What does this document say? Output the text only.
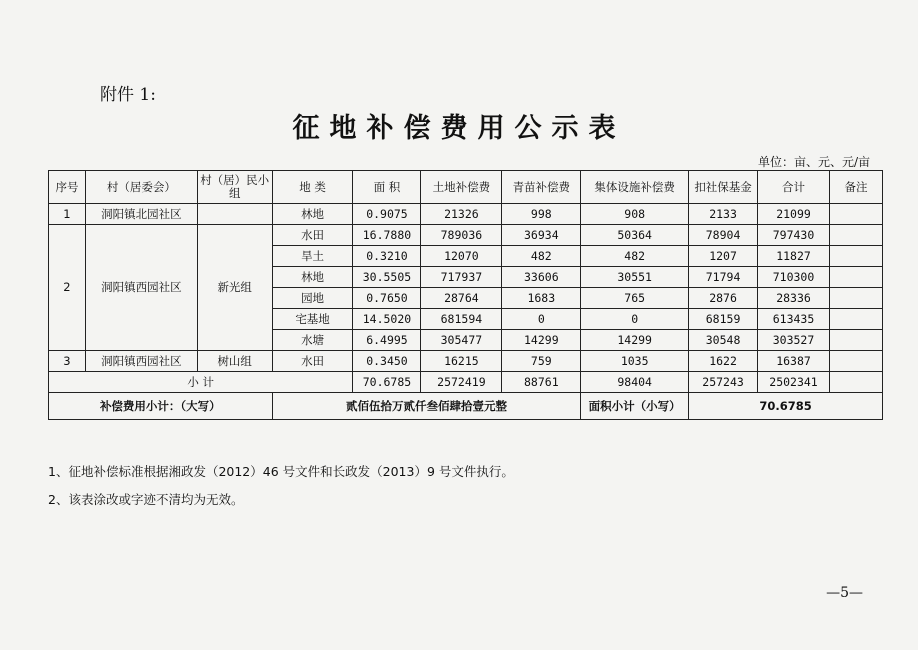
附件 1:
征地补偿费用公示表
单位：亩、元、元/亩
序号	村（居委会）	村（居）民小组	地 类	面 积	土地补偿费	青苗补偿费	集体设施补偿费	扣社保基金	合计	备注
1	洞阳镇北园社区		林地	0.9075	21326	998	908	2133	21099	
2	洞阳镇西园社区	新光组	水田	16.7880	789036	36934	50364	78904	797430	
			旱土	0.3210	12070	482	482	1207	11827	
			林地	30.5505	717937	33606	30551	71794	710300	
			园地	0.7650	28764	1683	765	2876	28336	
			宅基地	14.5020	681594	0	0	68159	613435	
			水塘	6.4995	305477	14299	14299	30548	303527	
3	洞阳镇西园社区	树山组	水田	0.3450	16215	759	1035	1622	16387	
小 计				70.6785	2572419	88761	98404	257243	2502341	
补偿费用小计：（大写）			贰佰伍拾万贰仟叁佰肆拾壹元整				面积小计（小写）	70.6785		
1、征地补偿标准根据湘政发（2012）46 号文件和长政发（2013）9 号文件执行。
2、该表涂改或字迹不清均为无效。
—5—
